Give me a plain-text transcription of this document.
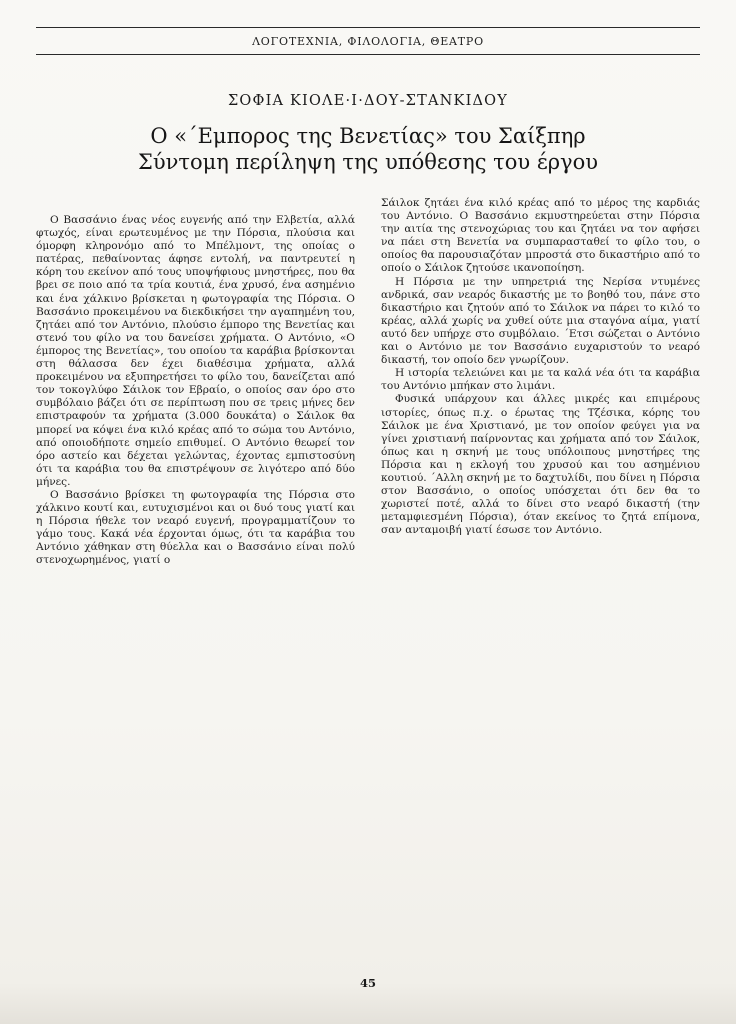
ΛΟΓΟΤΕΧΝΙΑ, ΦΙΛΟΛΟΓΙΑ, ΘΕΑΤΡΟ
ΣΟΦΙΑ ΚΙΟΛΕ·Ι·ΔΟΥ-ΣΤΑΝΚΙΔΟΥ
Ο «΄Εμπορος της Βενετίας» του Σαίξπηρ
Σύντομη περίληψη της υπόθεσης του έργου

Ο Βασσάνιο ένας νέος ευγενής από την Ελβετία, αλλά φτωχός, είναι ερωτευμένος με την Πόρσια, πλούσια και όμορφη κληρονόμο από το Μπέλμοντ, της οποίας ο πατέρας, πεθαίνοντας άφησε εντολή, να παντρευτεί η κόρη του εκείνον από τους υποψήφιους μνηστήρες, που θα βρει σε ποιο από τα τρία κουτιά, ένα χρυσό, ένα ασημένιο και ένα χάλκινο βρίσκεται η φωτογραφία της Πόρσια. Ο Βασσάνιο προκειμένου να διεκδικήσει την αγαπημένη του, ζητάει από τον Αντόνιο, πλούσιο έμπορο της Βενετίας και στενό του φίλο να του δανείσει χρήματα. Ο Αντόνιο, «Ο έμπορος της Βενετίας», του οποίου τα καράβια βρίσκονται στη θάλασσα δεν έχει διαθέσιμα χρήματα, αλλά προκειμένου να εξυπηρετήσει το φίλο του, δανείζεται από τον τοκογλύφο Σάιλοκ τον Εβραίο, ο οποίος σαν όρο στο συμβόλαιο βάζει ότι σε περίπτωση που σε τρεις μήνες δεν επιστραφούν τα χρήματα (3.000 δουκάτα) ο Σάιλοκ θα μπορεί να κόψει ένα κιλό κρέας από το σώμα του Αντόνιο, από οποιοδήποτε σημείο επιθυμεί. Ο Αντόνιο θεωρεί τον όρο αστείο και δέχεται γελώντας, έχοντας εμπιστοσύνη ότι τα καράβια του θα επιστρέψουν σε λιγότερο από δύο μήνες.

Ο Βασσάνιο βρίσκει τη φωτογραφία της Πόρσια στο χάλκινο κουτί και, ευτυχισμένοι και οι δυό τους γιατί και η Πόρσια ήθελε τον νεαρό ευγενή, προγραμματίζουν το γάμο τους. Κακά νέα έρχονται όμως, ότι τα καράβια του Αντόνιο χάθηκαν στη θύελλα και ο Βασσάνιο είναι πολύ στενοχωρημένος, γιατί ο

Σάιλοκ ζητάει ένα κιλό κρέας από το μέρος της καρδιάς του Αντόνιο. Ο Βασσάνιο εκμυστηρεύεται στην Πόρσια την αιτία της στενοχώριας του και ζητάει να τον αφήσει να πάει στη Βενετία να συμπαρασταθεί το φίλο του, ο οποίος θα παρουσιαζόταν μπροστά στο δικαστήριο από το οποίο ο Σάιλοκ ζητούσε ικανοποίηση.

Η Πόρσια με την υπηρετριά της Νερίσα ντυμένες ανδρικά, σαν νεαρός δικαστής με το βοηθό του, πάνε στο δικαστήριο και ζητούν από το Σάιλοκ να πάρει το κιλό το κρέας, αλλά χωρίς να χυθεί ούτε μια σταγόνα αίμα, γιατί αυτό δεν υπήρχε στο συμβόλαιο. ΄Ετσι σώζεται ο Αντόνιο και ο Αντόνιο με τον Βασσάνιο ευχαριστούν το νεαρό δικαστή, τον οποίο δεν γνωρίζουν.

Η ιστορία τελειώνει και με τα καλά νέα ότι τα καράβια του Αντόνιο μπήκαν στο λιμάνι.

Φυσικά υπάρχουν και άλλες μικρές και επιμέρους ιστορίες, όπως π.χ. ο έρωτας της Τζέσικα, κόρης του Σάιλοκ με ένα Χριστιανό, με τον οποίον φεύγει για να γίνει χριστιανή παίρνοντας και χρήματα από τον Σάιλοκ, όπως και η σκηνή με τους υπόλοιπους μνηστήρες της Πόρσια και η εκλογή του χρυσού και του ασημένιου κουτιού. ΄Αλλη σκηνή με το δαχτυλίδι, που δίνει η Πόρσια στον Βασσάνιο, ο οποίος υπόσχεται ότι δεν θα το χωριστεί ποτέ, αλλά το δίνει στο νεαρό δικαστή (την μεταμφιεσμένη Πόρσια), όταν εκείνος το ζητά επίμονα, σαν ανταμοιβή γιατί έσωσε τον Αντόνιο.

45
